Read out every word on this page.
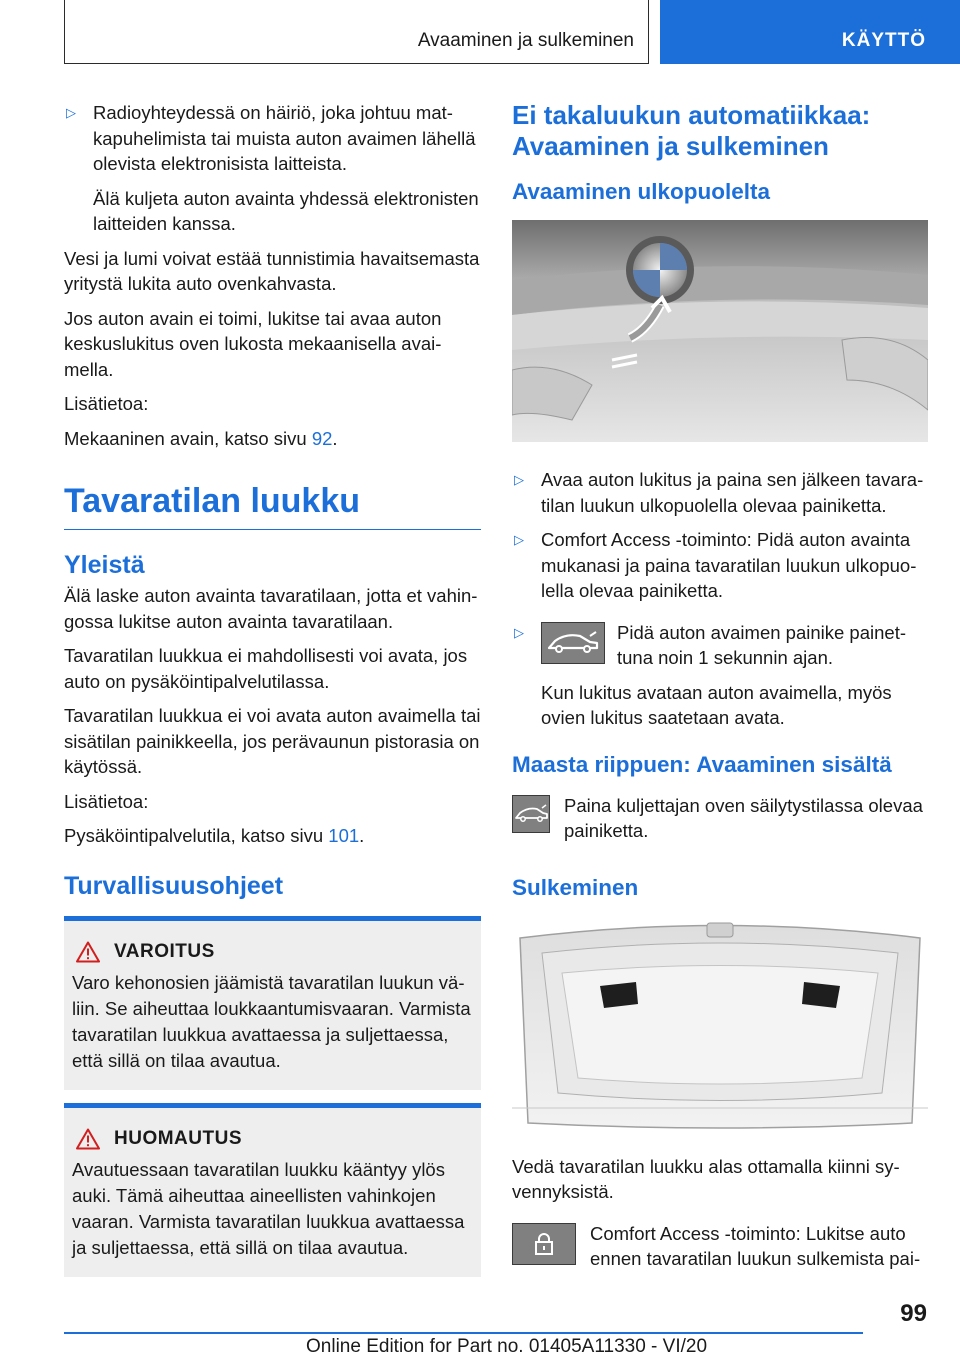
Avaaminen ja sulkeminen	KÄYTTÖ
▷ Radioyhteydessä on häiriö, joka johtuu matkapuhelimista tai muista auton avaimen lähellä olevista elektronisista laitteista.

Älä kuljeta auton avainta yhdessä elektronisten laitteiden kanssa.

Vesi ja lumi voivat estää tunnistimia havaitsemasta yritystä lukita auto ovenkahvasta.

Jos auton avain ei toimi, lukitse tai avaa auton keskuslukitus oven lukosta mekaanisella avaimella.

Lisätietoa:

Mekaaninen avain, katso sivu 92.

Tavaratilan luukku
Yleistä

Älä laske auton avainta tavaratilaan, jotta et vahingossa lukitse auton avainta tavaratilaan.

Tavaratilan luukkua ei mahdollisesti voi avata, jos auto on pysäköintipalvelutilassa.

Tavaratilan luukkua ei voi avata auton avaimella tai sisätilan painikkeella, jos perävaunun pistorasia on käytössä.

Lisätietoa:

Pysäköintipalvelutila, katso sivu 101.

Turvallisuusohjeet
VAROITUS

Varo kehonosien jäämistä tavaratilan luukun väliin. Se aiheuttaa loukkaantumisvaaran. Varmista tavaratilan luukkua avattaessa ja suljettaessa, että sillä on tilaa avautua.

HUOMAUTUS

Avautuessaan tavaratilan luukku kääntyy ylös auki. Tämä aiheuttaa aineellisten vahinkojen vaaran. Varmista tavaratilan luukkua avattaessa ja suljettaessa, että sillä on tilaa avautua.

Ei takaluukun automatiikkaa: Avaaminen ja sulkeminen
Avaaminen ulkopuolelta
▷ Avaa auton lukitus ja paina sen jälkeen tavaratilan luukun ulkopuolella olevaa painiketta.
▷ Comfort Access -toiminto: Pidä auton avainta mukanasi ja paina tavaratilan luukun ulkopuolella olevaa painiketta.
▷	Pidä auton avaimen painike painettuna noin 1 sekunnin ajan.

Kun lukitus avataan auton avaimella, myös ovien lukitus saatetaan avata.

Maasta riippuen: Avaaminen sisältä
Paina kuljettajan oven säilytystilassa olevaa painiketta.
Sulkeminen

Vedä tavaratilan luukku alas ottamalla kiinni syvennyksistä.

Comfort Access -toiminto: Lukitse auto ennen tavaratilan luukun sulkemista pai-
99
Online Edition for Part no. 01405A11330 - VI/20
